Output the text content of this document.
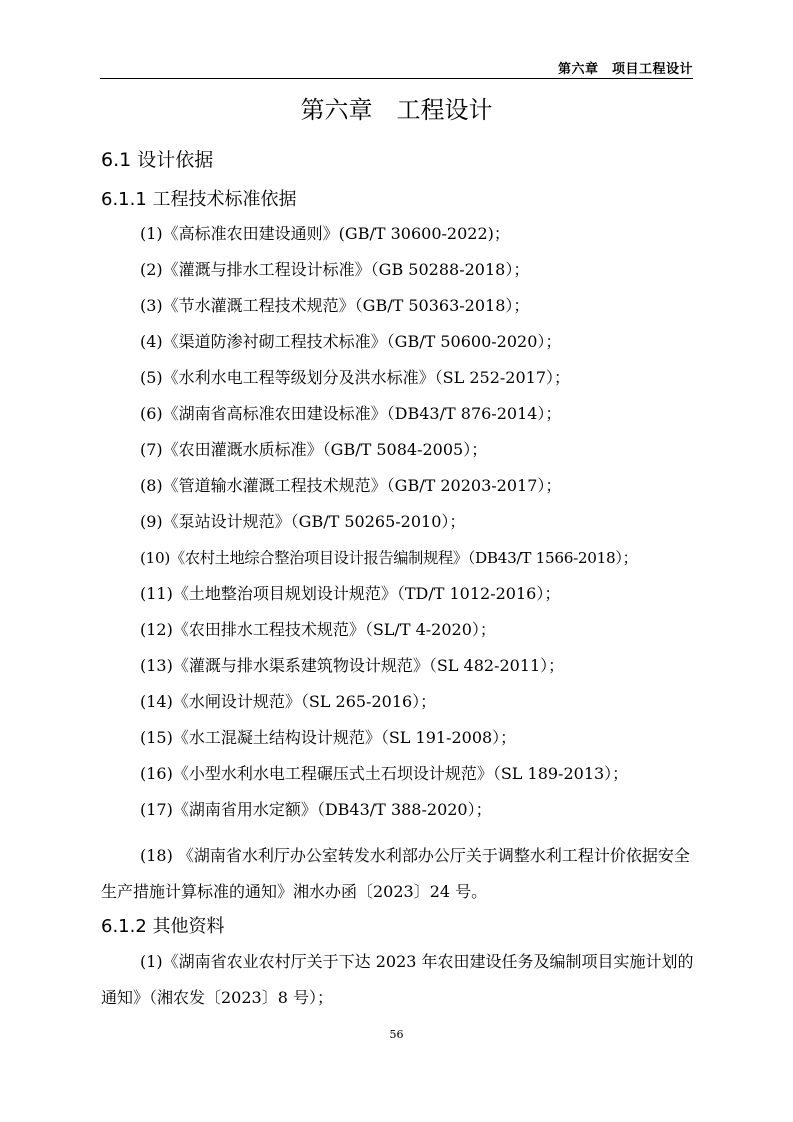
第六章　项目工程设计
第六章　工程设计
6.1 设计依据
6.1.1 工程技术标准依据
(1)《高标准农田建设通则》(GB/T 30600-2022)；
(2)《灌溉与排水工程设计标准》（GB 50288-2018）；
(3)《节水灌溉工程技术规范》（GB/T 50363-2018）；
(4)《渠道防渗衬砌工程技术标准》（GB/T 50600-2020）；
(5)《水利水电工程等级划分及洪水标准》（SL 252-2017）；
(6)《湖南省高标准农田建设标准》（DB43/T 876-2014）；
(7)《农田灌溉水质标准》（GB/T 5084-2005）；
(8)《管道输水灌溉工程技术规范》（GB/T 20203-2017）；
(9)《泵站设计规范》（GB/T 50265-2010）；
(10)《农村土地综合整治项目设计报告编制规程》（DB43/T 1566-2018）；
(11)《土地整治项目规划设计规范》（TD/T 1012-2016）；
(12)《农田排水工程技术规范》（SL/T 4-2020）；
(13)《灌溉与排水渠系建筑物设计规范》（SL 482-2011）；
(14)《水闸设计规范》（SL 265-2016）；
(15)《水工混凝土结构设计规范》（SL 191-2008）；
(16)《小型水利水电工程碾压式土石坝设计规范》（SL 189-2013）；
(17)《湖南省用水定额》（DB43/T 388-2020）；
(18) 《湖南省水利厅办公室转发水利部办公厅关于调整水利工程计价依据安全生产措施计算标准的通知》湘水办函〔2023〕24 号。
6.1.2 其他资料
(1)《湖南省农业农村厅关于下达 2023 年农田建设任务及编制项目实施计划的通知》（湘农发〔2023〕8 号）；
56
